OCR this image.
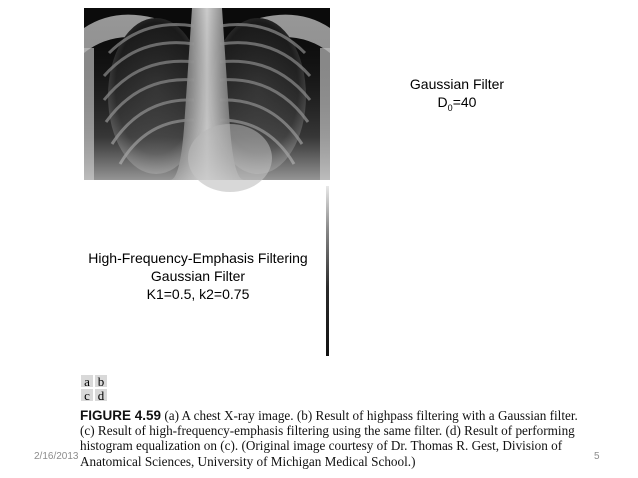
Gaussian Filter
$D_0=40$
High-Frequency-Emphasis Filtering
Gaussian Filter
K1=0.5, k2=0.75
a b
c d
FIGURE 4.59 (a) A chest X-ray image. (b) Result of highpass filtering with a Gaussian filter. (c) Result of high-frequency-emphasis filtering using the same filter. (d) Result of performing histogram equalization on (c). (Original image courtesy of Dr. Thomas R. Gest, Division of Anatomical Sciences, University of Michigan Medical School.)
2/16/2013	5
